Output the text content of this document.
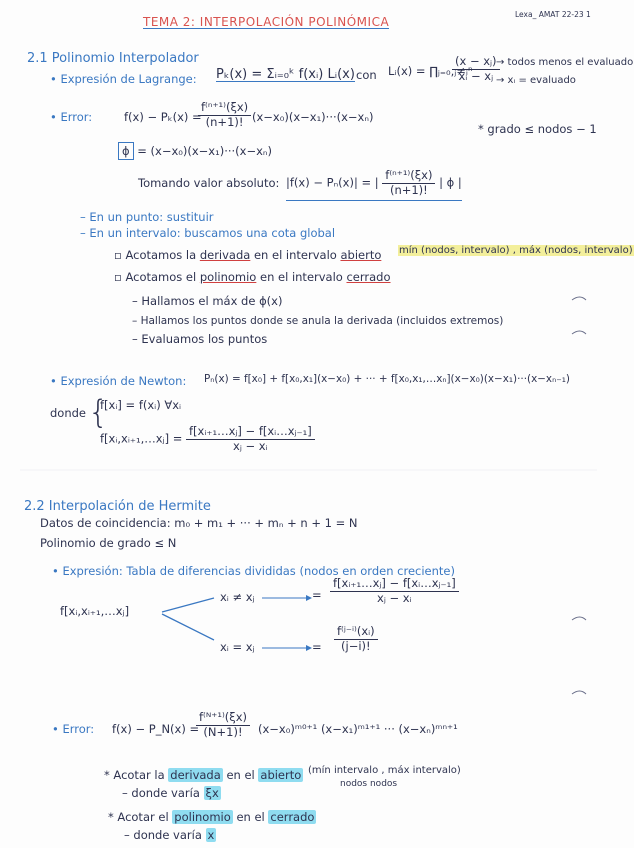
TEMA 2: INTERPOLACIÓN POLINÓMICA
Lexa_ AMAT 22-23 1
2.1 Polinomio Interpolador
• Expresión de Lagrange: Pₖ(x) = Σᵢ₌₀ᵏ f(xᵢ) Lᵢ(x) con Lᵢ(x) = ∏ⱼ₌₀,ⱼ≠ᵢⁿ
$\frac{\text{(x − xⱼ)}}{\text{xᵢ − xⱼ}}$
→ todos menos el evaluado
→ xᵢ = evaluado
• Error:	f(x) − Pₖ(x) =
$\frac{\text{f⁽ⁿ⁺¹⁾(ξx)}}{(n+1)!} (x-x_0)(x-x_1)\cdot\cdot\cdot(x-x_n)$
* grado ≤ nodos − 1
ϕ = (x−x₀)(x−x₁)···(x−xₙ)
Tomando valor absoluto: |f(x) − Pₙ(x)| = | $\frac{\text{f⁽ⁿ⁺¹⁾(ξx)}}{(n+1)!}$ | ϕ |
– En un punto: sustituir
– En un intervalo: buscamos una cota global
▫ Acotamos la derivada en el intervalo abierto mín (nodos, intervalo) , máx (nodos, intervalo)
▫ Acotamos el polinomio en el intervalo cerrado
– Hallamos el máx de ϕ(x)
– Hallamos los puntos donde se anula la derivada (incluidos extremos)
– Evaluamos los puntos
• Expresión de Newton: Pₙ(x) = f[x₀] + f[x₀,x₁](x−x₀) + ··· + f[x₀,x₁,…xₙ](x−x₀)(x−x₁)···(x−xₙ₋₁)
donde {
f[xᵢ] = f(xᵢ) ∀xᵢ
f[xᵢ,xᵢ₊₁,…xⱼ] = $\frac{\text{f[xᵢ₊₁…xⱼ] − f[xᵢ…xⱼ₋₁]}}{\text{xⱼ − xᵢ}}$
2.2 Interpolación de Hermite
Datos de coincidencia: m₀ + m₁ + ··· + mₙ + n + 1 = N
Polinomio de grado ≤ N
• Expresión: Tabla de diferencias divididas (nodos en orden creciente)
f[xᵢ,xᵢ₊₁,…xⱼ]
xᵢ ≠ xⱼ	= $\frac{\text{f[xᵢ₊₁…xⱼ] − f[xᵢ…xⱼ₋₁]}}{\text{xⱼ − xᵢ}}$
xᵢ = xⱼ	= $\frac{\text{f⁽ʲ⁻ⁱ⁾(xᵢ)}}{(j-i)!}$
• Error: f(x) − P_N(x) =
$\frac{\text{f⁽ᴺ⁺¹⁾(ξx)}}{(N+1)!}$ (x−x₀)ᵐ⁰⁺¹ (x−x₁)ᵐ¹⁺¹ ··· (x−xₙ)ᵐⁿ⁺¹
* Acotar la derivada en el abierto (mín intervalo , máx intervalo)
nodos nodos
– donde varía ξx
* Acotar el polinomio en el cerrado
– donde varía x
